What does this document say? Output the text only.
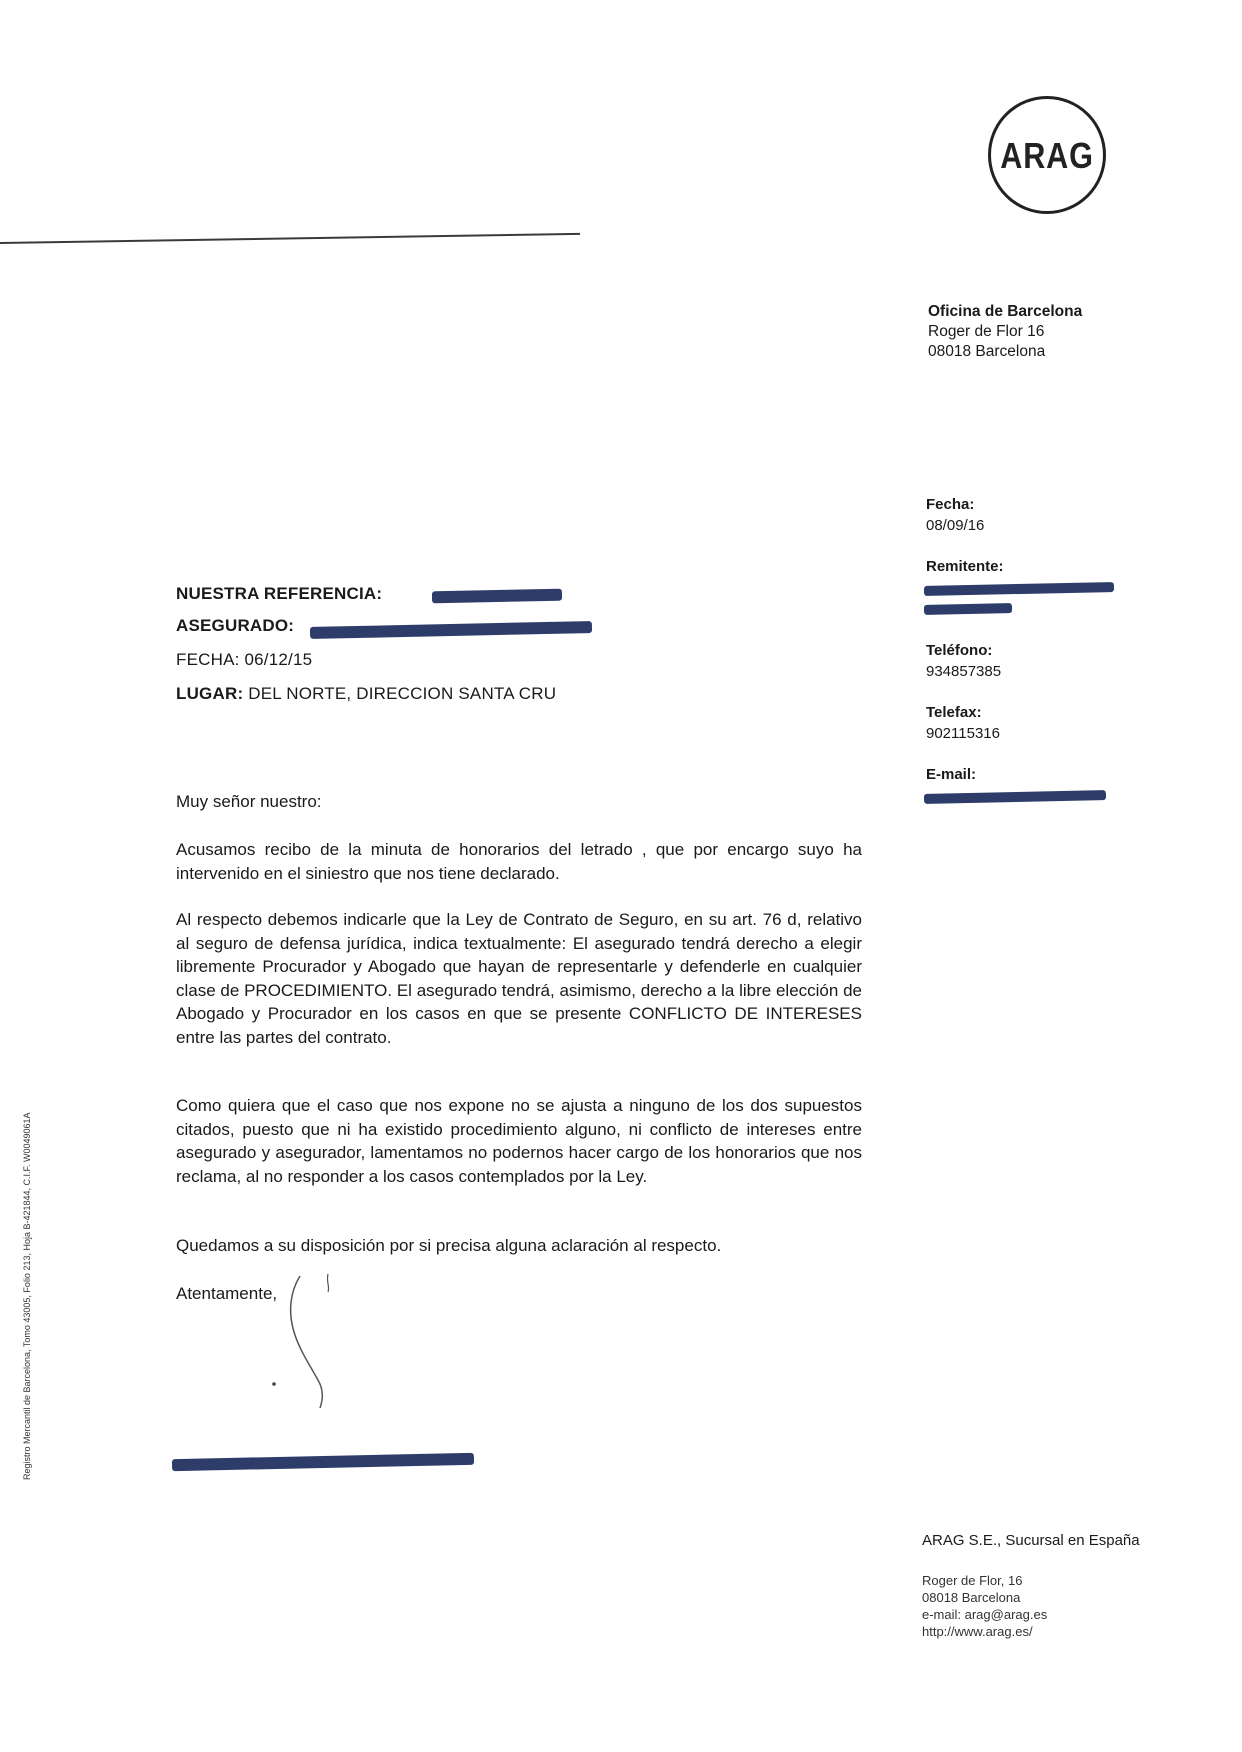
ARAG
Oficina de Barcelona
Roger de Flor 16
08018 Barcelona
Fecha:
08/09/16
Remitente:
Teléfono:
934857385
Telefax:
902115316
E-mail:
NUESTRA REFERENCIA:
ASEGURADO:
FECHA: 06/12/15
LUGAR: DEL NORTE, DIRECCION SANTA CRU
Muy señor nuestro:
Acusamos recibo de la minuta de honorarios del letrado , que por encargo suyo ha intervenido en el siniestro que nos tiene declarado.
Al respecto debemos indicarle que la Ley de Contrato de Seguro, en su art. 76 d, relativo al seguro de defensa jurídica, indica textualmente: El asegurado tendrá derecho a elegir libremente Procurador y Abogado que hayan de representarle y defenderle en cualquier clase de PROCEDIMIENTO. El asegurado tendrá, asimismo, derecho a la libre elección de Abogado y Procurador en los casos en que se presente CONFLICTO DE INTERESES entre las partes del contrato.
Como quiera que el caso que nos expone no se ajusta a ninguno de los dos supuestos citados, puesto que ni ha existido procedimiento alguno, ni conflicto de intereses entre asegurado y asegurador, lamentamos no podernos hacer cargo de los honorarios que nos reclama, al no responder a los casos contemplados por la Ley.
Quedamos a su disposición por si precisa alguna aclaración al respecto.
Atentamente,
Registro Mercantil de Barcelona, Tomo 43005, Folio 213, Hoja B-421844, C.I.F. W0049061A
ARAG S.E., Sucursal en España
Roger de Flor, 16
08018 Barcelona
e-mail: arag@arag.es
http://www.arag.es/
